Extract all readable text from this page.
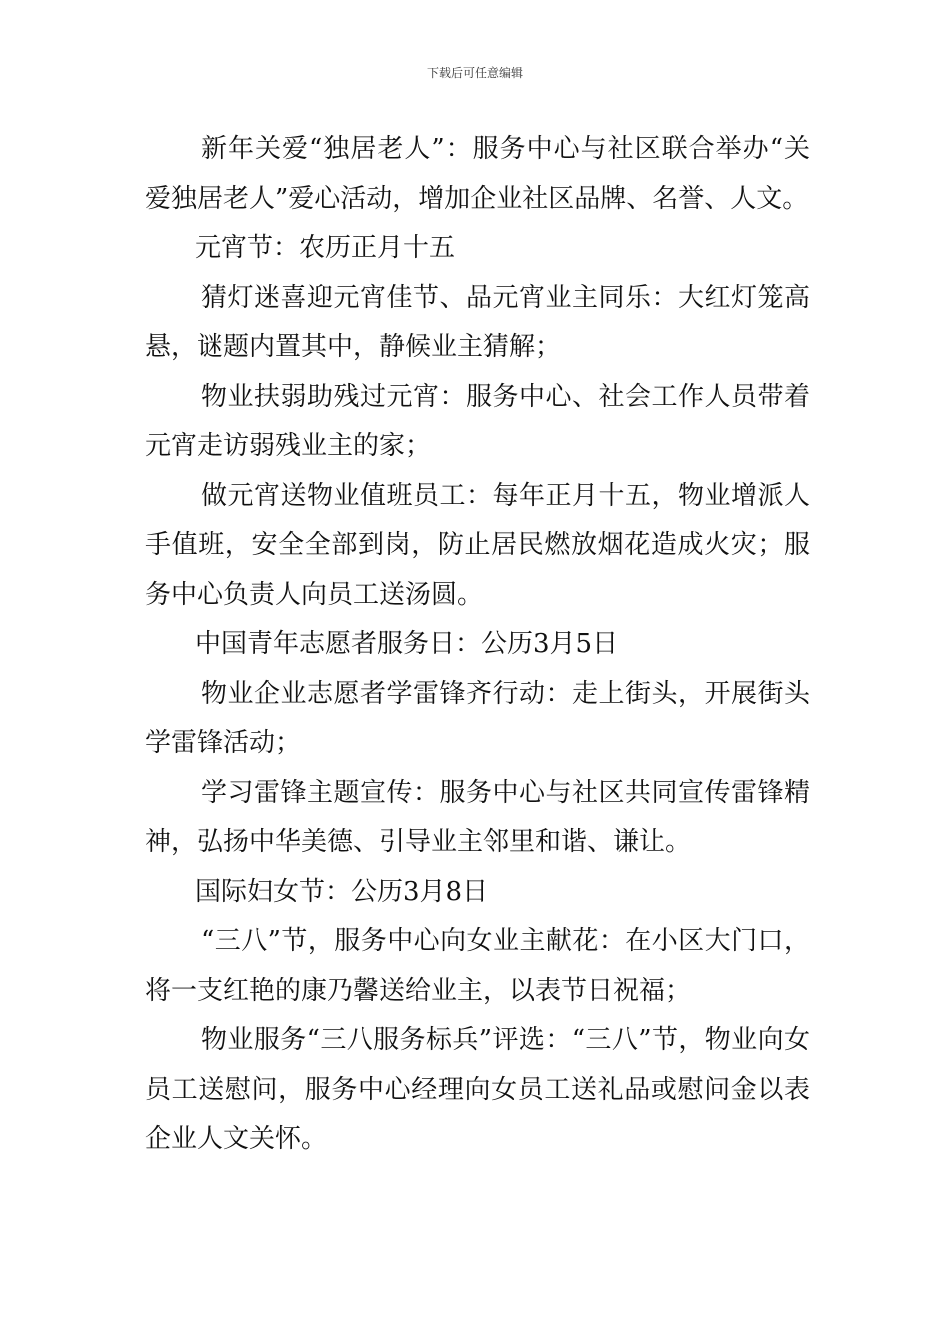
下载后可任意编辑

新年关爱“独居老人”：服务中心与社区联合举办“关爱独居老人”爱心活动，增加企业社区品牌、名誉、人文。

元宵节：农历正月十五

猜灯迷喜迎元宵佳节、品元宵业主同乐：大红灯笼高悬，谜题内置其中，静候业主猜解；

物业扶弱助残过元宵：服务中心、社会工作人员带着元宵走访弱残业主的家；

做元宵送物业值班员工：每年正月十五，物业增派人手值班，安全全部到岗，防止居民燃放烟花造成火灾；服务中心负责人向员工送汤圆。

中国青年志愿者服务日：公历3月5日

物业企业志愿者学雷锋齐行动：走上街头，开展街头学雷锋活动；

学习雷锋主题宣传：服务中心与社区共同宣传雷锋精神，弘扬中华美德、引导业主邻里和谐、谦让。

国际妇女节：公历3月8日

“三八”节，服务中心向女业主献花：在小区大门口，将一支红艳的康乃馨送给业主，以表节日祝福；

物业服务“三八服务标兵”评选：“三八”节，物业向女员工送慰问，服务中心经理向女员工送礼品或慰问金以表企业人文关怀。
